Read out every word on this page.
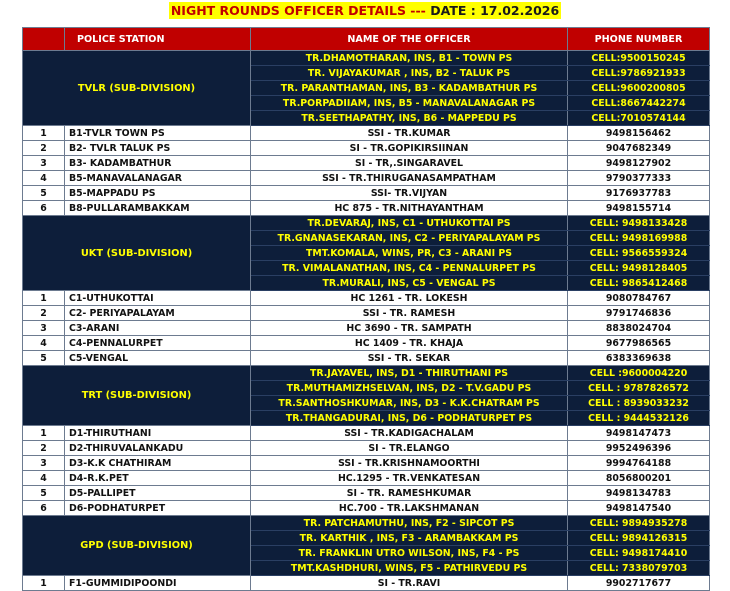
NIGHT ROUNDS OFFICER DETAILS --- DATE : 17.02.2026
	POLICE STATION	NAME OF THE OFFICER	PHONE NUMBER
TVLR (SUB-DIVISION)		TR.DHAMOTHARAN, INS, B1 - TOWN PS	CELL:9500150245
		TR. VIJAYAKUMAR , INS, B2 - TALUK PS	CELL:9786921933
		TR. PARANTHAMAN, INS, B3 - KADAMBATHUR PS	CELL:9600200805
		TR.PORPADIIAM, INS, B5 - MANAVALANAGAR PS	CELL:8667442274
		TR.SEETHAPATHY, INS, B6 - MAPPEDU PS	CELL:7010574144
1	B1-TVLR TOWN PS	SSI - TR.KUMAR	9498156462
2	B2- TVLR TALUK PS	SI - TR.GOPIKIRSIINAN	9047682349
3	B3- KADAMBATHUR	SI - TR,.SINGARAVEL	9498127902
4	B5-MANAVALANAGAR	SSI - TR.THIRUGANASAMPATHAM	9790377333
5	B5-MAPPADU PS	SSI- TR.VIJYAN	9176937783
6	B8-PULLARAMBAKKAM	HC 875 - TR.NITHAYANTHAM	9498155714
UKT (SUB-DIVISION)		TR.DEVARAJ, INS, C1 - UTHUKOTTAI PS	CELL: 9498133428
		TR.GNANASEKARAN, INS, C2 - PERIYAPALAYAM PS	CELL: 9498169988
		TMT.KOMALA, WINS, PR, C3 - ARANI PS	CELL: 9566559324
		TR. VIMALANATHAN, INS, C4 - PENNALURPET PS	CELL: 9498128405
		TR.MURALI, INS, C5 - VENGAL PS	CELL: 9865412468
1	C1-UTHUKOTTAI	HC 1261 - TR. LOKESH	9080784767
2	C2- PERIYAPALAYAM	SSI - TR. RAMESH	9791746836
3	C3-ARANI	HC 3690 - TR. SAMPATH	8838024704
4	C4-PENNALURPET	HC 1409 - TR. KHAJA	9677986565
5	C5-VENGAL	SSI - TR. SEKAR	6383369638
TRT (SUB-DIVISION)		TR.JAYAVEL, INS, D1 - THIRUTHANI PS	CELL :9600004220
		TR.MUTHAMIZHSELVAN, INS, D2 - T.V.GADU PS	CELL : 9787826572
		TR.SANTHOSHKUMAR, INS, D3 - K.K.CHATRAM PS	CELL : 8939033232
		TR.THANGADURAI, INS, D6 - PODHATURPET PS	CELL : 9444532126
1	D1-THIRUTHANI	SSI - TR.KADIGACHALAM	9498147473
2	D2-THIRUVALANKADU	SI - TR.ELANGO	9952496396
3	D3-K.K CHATHIRAM	SSI - TR.KRISHNAMOORTHI	9994764188
4	D4-R.K.PET	HC.1295 - TR.VENKATESAN	8056800201
5	D5-PALLIPET	SI - TR. RAMESHKUMAR	9498134783
6	D6-PODHATURPET	HC.700 - TR.LAKSHMANAN	9498147540
GPD (SUB-DIVISION)		TR. PATCHAMUTHU, INS, F2 - SIPCOT PS	CELL: 9894935278
		TR. KARTHIK , INS, F3 - ARAMBAKKAM PS	CELL: 9894126315
		TR. FRANKLIN UTRO WILSON, INS, F4 - PS	CELL: 9498174410
		TMT.KASHDHURI, WINS, F5 - PATHIRVEDU PS	CELL: 7338079703
1	F1-GUMMIDIPOONDI	SI - TR.RAVI	9902717677
